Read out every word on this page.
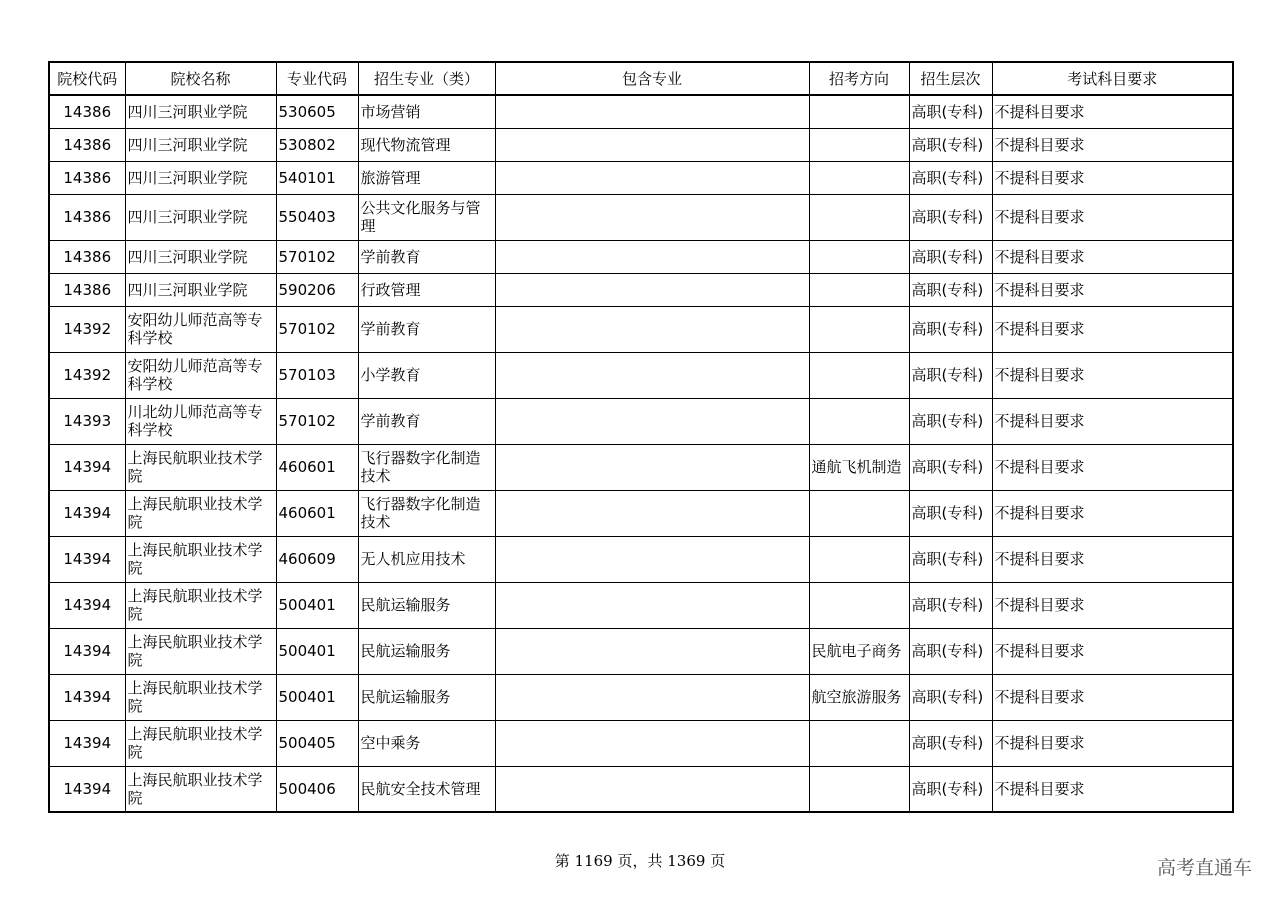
院校代码	院校名称	专业代码	招生专业（类）	包含专业	招考方向	招生层次	考试科目要求
14386	四川三河职业学院	530605	市场营销			高职(专科)	不提科目要求
14386	四川三河职业学院	530802	现代物流管理			高职(专科)	不提科目要求
14386	四川三河职业学院	540101	旅游管理			高职(专科)	不提科目要求
14386	四川三河职业学院	550403	公共文化服务与管理			高职(专科)	不提科目要求
14386	四川三河职业学院	570102	学前教育			高职(专科)	不提科目要求
14386	四川三河职业学院	590206	行政管理			高职(专科)	不提科目要求
14392	安阳幼儿师范高等专科学校	570102	学前教育			高职(专科)	不提科目要求
14392	安阳幼儿师范高等专科学校	570103	小学教育			高职(专科)	不提科目要求
14393	川北幼儿师范高等专科学校	570102	学前教育			高职(专科)	不提科目要求
14394	上海民航职业技术学院	460601	飞行器数字化制造技术		通航飞机制造	高职(专科)	不提科目要求
14394	上海民航职业技术学院	460601	飞行器数字化制造技术			高职(专科)	不提科目要求
14394	上海民航职业技术学院	460609	无人机应用技术			高职(专科)	不提科目要求
14394	上海民航职业技术学院	500401	民航运输服务			高职(专科)	不提科目要求
14394	上海民航职业技术学院	500401	民航运输服务		民航电子商务	高职(专科)	不提科目要求
14394	上海民航职业技术学院	500401	民航运输服务		航空旅游服务	高职(专科)	不提科目要求
14394	上海民航职业技术学院	500405	空中乘务			高职(专科)	不提科目要求
14394	上海民航职业技术学院	500406	民航安全技术管理			高职(专科)	不提科目要求
第 1169 页，共 1369 页	高考直通车
